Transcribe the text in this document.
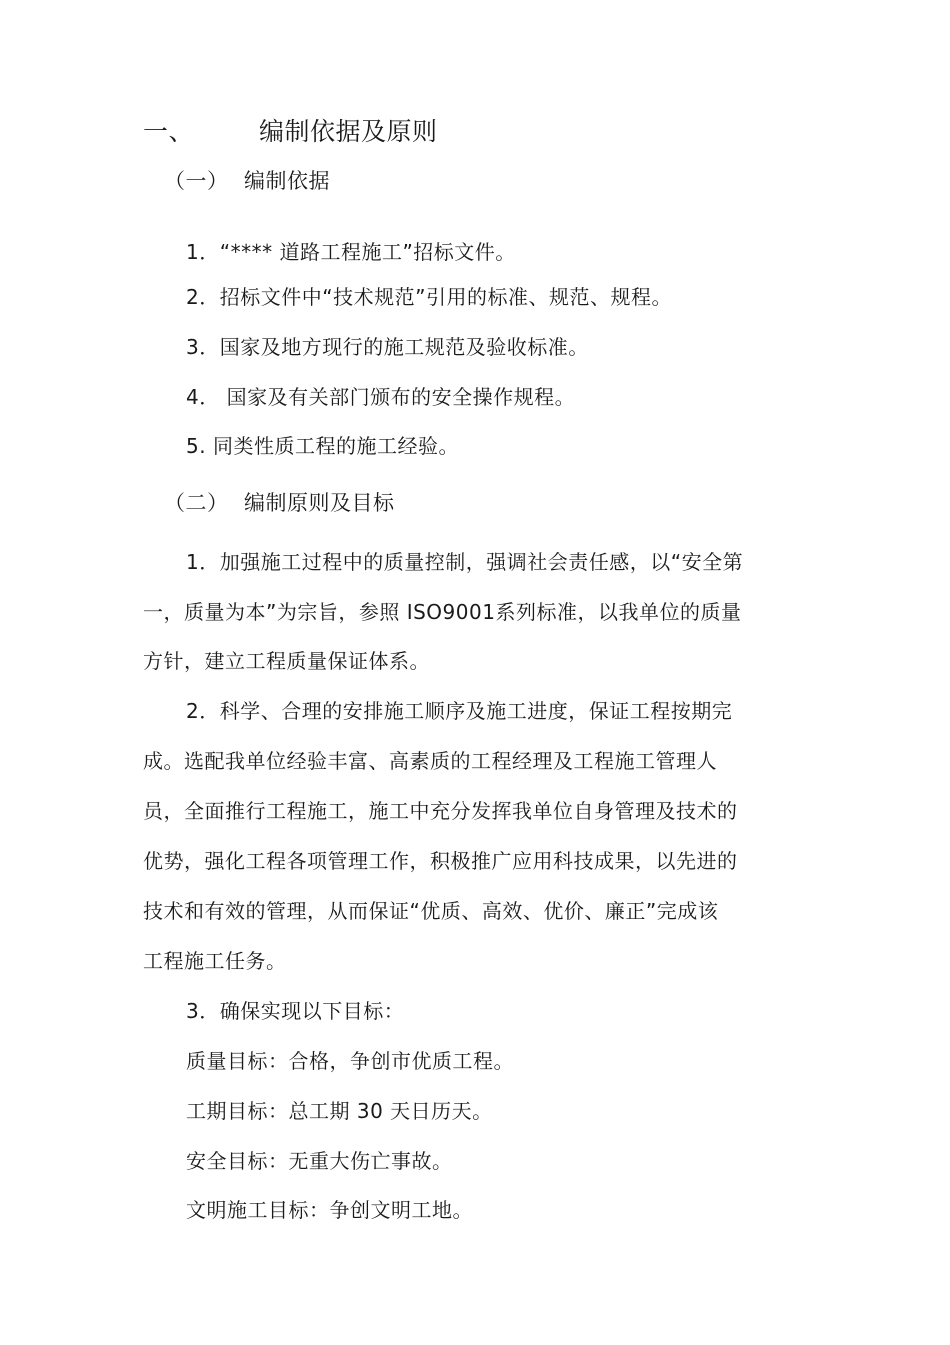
一、	编制依据及原则
（一） 编制依据
1．“**** 道路工程施工”招标文件。
2．招标文件中“技术规范”引用的标准、规范、规程。
3．国家及地方现行的施工规范及验收标准。
4． 国家及有关部门颁布的安全操作规程。
5. 同类性质工程的施工经验。
（二） 编制原则及目标
1．加强施工过程中的质量控制，强调社会责任感，以“安全第
一，质量为本”为宗旨，参照 ISO9001系列标准，以我单位的质量
方针，建立工程质量保证体系。
2．科学、合理的安排施工顺序及施工进度，保证工程按期完
成。选配我单位经验丰富、高素质的工程经理及工程施工管理人
员，全面推行工程施工，施工中充分发挥我单位自身管理及技术的
优势，强化工程各项管理工作，积极推广应用科技成果，以先进的
技术和有效的管理，从而保证“优质、高效、优价、廉正”完成该
工程施工任务。
3．确保实现以下目标：
质量目标：合格，争创市优质工程。
工期目标：总工期 30 天日历天。
安全目标：无重大伤亡事故。
文明施工目标：争创文明工地。
